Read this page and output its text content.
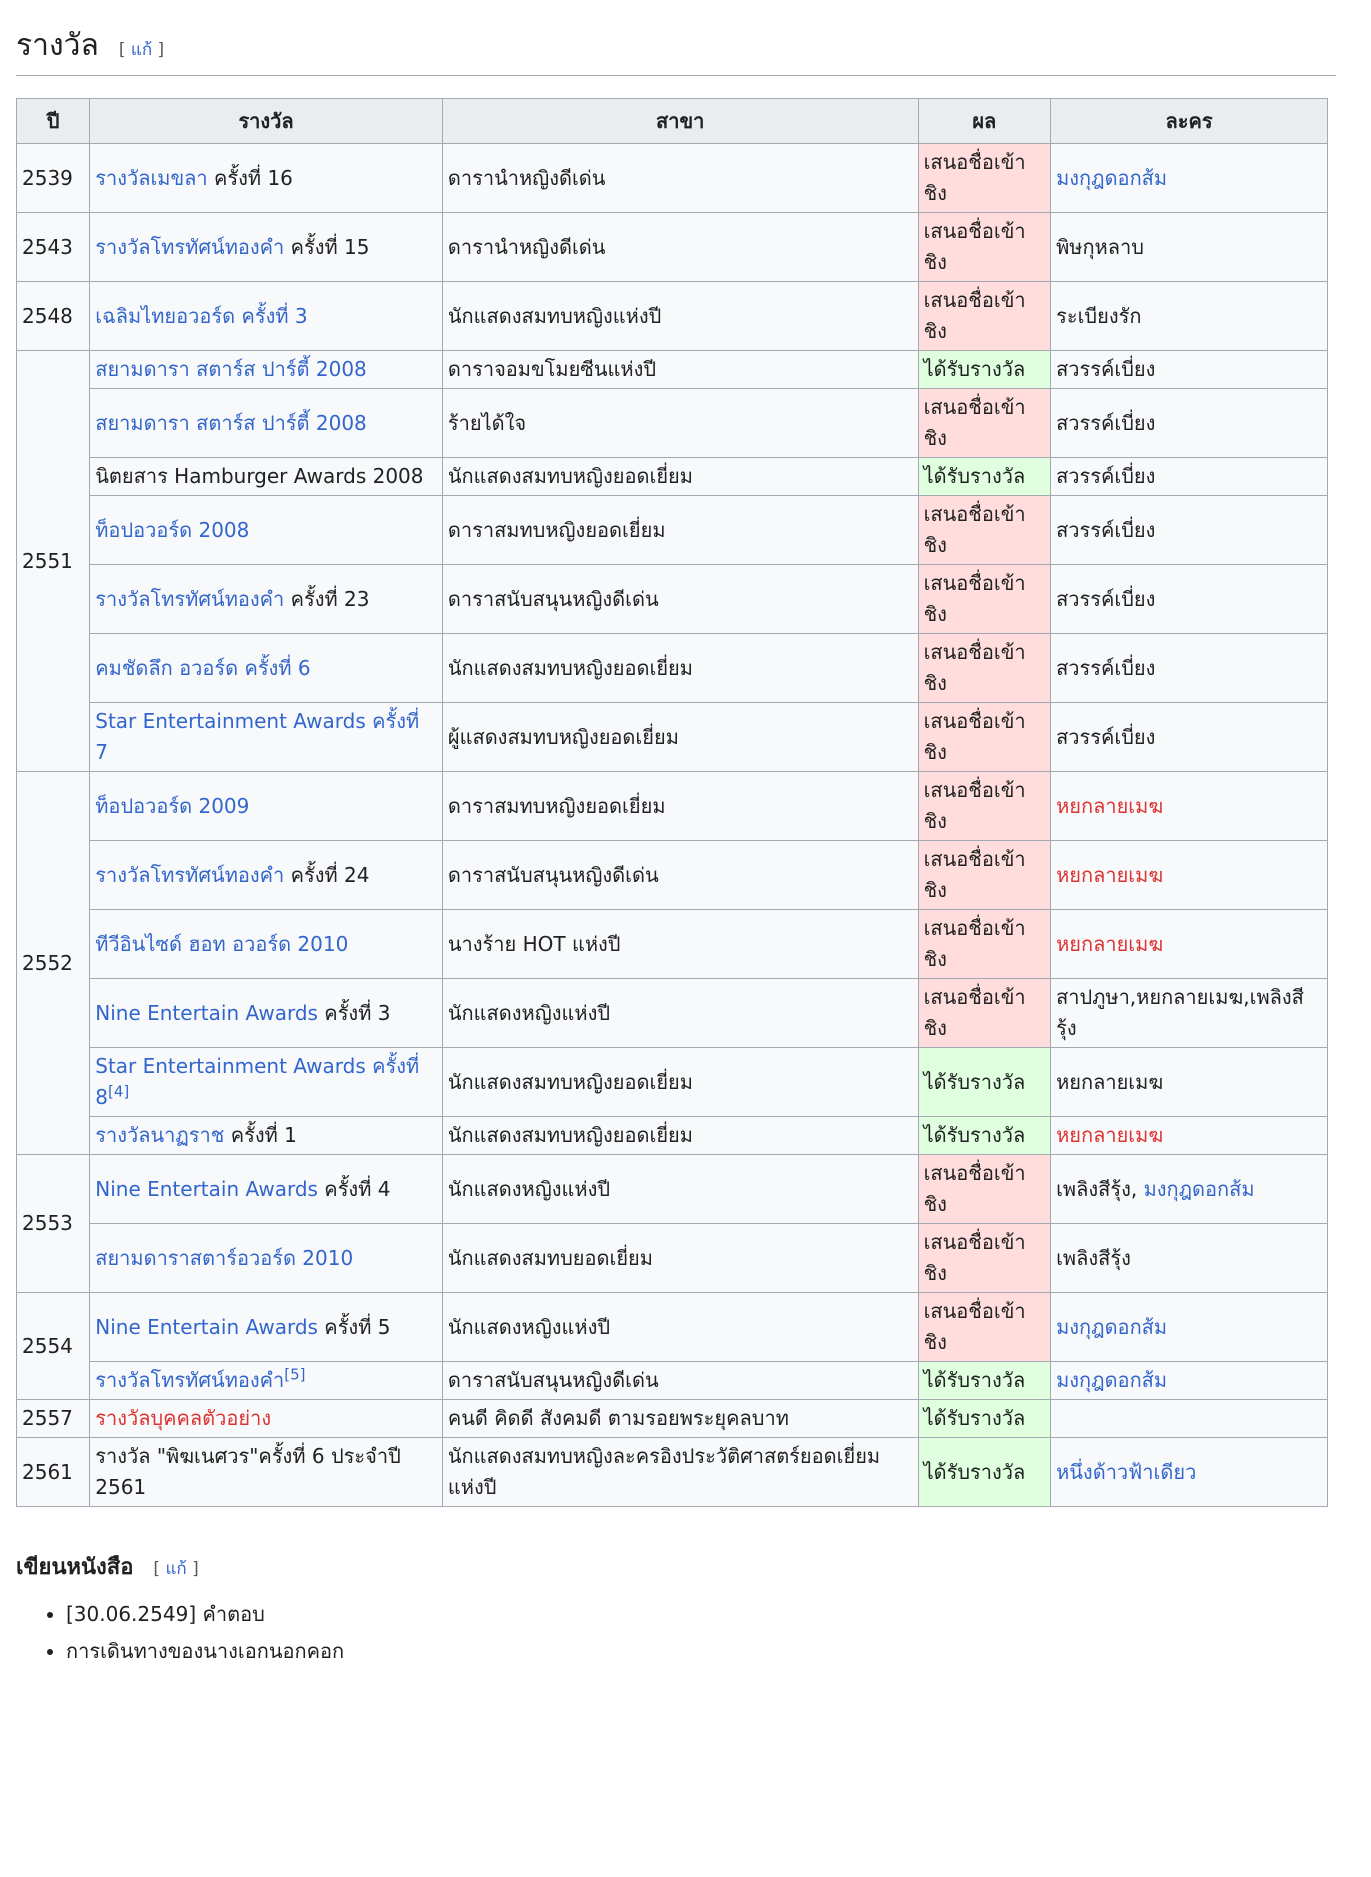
รางวัล [ แก้ ]
ปี	รางวัล	สาขา	ผล	ละคร
2539	รางวัลเมขลา ครั้งที่ 16	ดารานำหญิงดีเด่น	เสนอชื่อเข้าชิง	มงกุฎดอกส้ม
2543	รางวัลโทรทัศน์ทองคำ ครั้งที่ 15	ดารานำหญิงดีเด่น	เสนอชื่อเข้าชิง	พิษกุหลาบ
2548	เฉลิมไทยอวอร์ด ครั้งที่ 3	นักแสดงสมทบหญิงแห่งปี	เสนอชื่อเข้าชิง	ระเบียงรัก
2551	สยามดารา สตาร์ส ปาร์ตี้ 2008	ดาราจอมขโมยซีนแห่งปี	ได้รับรางวัล	สวรรค์เบี่ยง
	สยามดารา สตาร์ส ปาร์ตี้ 2008	ร้ายได้ใจ	เสนอชื่อเข้าชิง	สวรรค์เบี่ยง
	นิตยสาร Hamburger Awards 2008	นักแสดงสมทบหญิงยอดเยี่ยม	ได้รับรางวัล	สวรรค์เบี่ยง
	ท็อปอวอร์ด 2008	ดาราสมทบหญิงยอดเยี่ยม	เสนอชื่อเข้าชิง	สวรรค์เบี่ยง
	รางวัลโทรทัศน์ทองคำ ครั้งที่ 23	ดาราสนับสนุนหญิงดีเด่น	เสนอชื่อเข้าชิง	สวรรค์เบี่ยง
	คมชัดลึก อวอร์ด ครั้งที่ 6	นักแสดงสมทบหญิงยอดเยี่ยม	เสนอชื่อเข้าชิง	สวรรค์เบี่ยง
	Star Entertainment Awards ครั้งที่ 7	ผู้แสดงสมทบหญิงยอดเยี่ยม	เสนอชื่อเข้าชิง	สวรรค์เบี่ยง
2552	ท็อปอวอร์ด 2009	ดาราสมทบหญิงยอดเยี่ยม	เสนอชื่อเข้าชิง	หยกลายเมฆ
	รางวัลโทรทัศน์ทองคำ ครั้งที่ 24	ดาราสนับสนุนหญิงดีเด่น	เสนอชื่อเข้าชิง	หยกลายเมฆ
	ทีวีอินไซด์ ฮอท อวอร์ด 2010	นางร้าย HOT แห่งปี	เสนอชื่อเข้าชิง	หยกลายเมฆ
	Nine Entertain Awards ครั้งที่ 3	นักแสดงหญิงแห่งปี	เสนอชื่อเข้าชิง	สาปภูษา,หยกลายเมฆ,เพลิงสีรุ้ง
	Star Entertainment Awards ครั้งที่ 8[4]	นักแสดงสมทบหญิงยอดเยี่ยม	ได้รับรางวัล	หยกลายเมฆ
	รางวัลนาฏราช ครั้งที่ 1	นักแสดงสมทบหญิงยอดเยี่ยม	ได้รับรางวัล	หยกลายเมฆ
2553	Nine Entertain Awards ครั้งที่ 4	นักแสดงหญิงแห่งปี	เสนอชื่อเข้าชิง	เพลิงสีรุ้ง, มงกุฎดอกส้ม
	สยามดาราสตาร์อวอร์ด 2010	นักแสดงสมทบยอดเยี่ยม	เสนอชื่อเข้าชิง	เพลิงสีรุ้ง
2554	Nine Entertain Awards ครั้งที่ 5	นักแสดงหญิงแห่งปี	เสนอชื่อเข้าชิง	มงกุฎดอกส้ม
	รางวัลโทรทัศน์ทองคำ[5]	ดาราสนับสนุนหญิงดีเด่น	ได้รับรางวัล	มงกุฎดอกส้ม
2557	รางวัลบุคคลตัวอย่าง	คนดี คิดดี สังคมดี ตามรอยพระยุคลบาท	ได้รับรางวัล	
2561	รางวัล "พิฆเนศวร"ครั้งที่ 6 ประจำปี 2561	นักแสดงสมทบหญิงละครอิงประวัติศาสตร์ยอดเยี่ยมแห่งปี	ได้รับรางวัล	หนึ่งด้าวฟ้าเดียว
เขียนหนังสือ [ แก้ ]
• [30.06.2549] คำตอบ
• การเดินทางของนางเอกนอกคอก
